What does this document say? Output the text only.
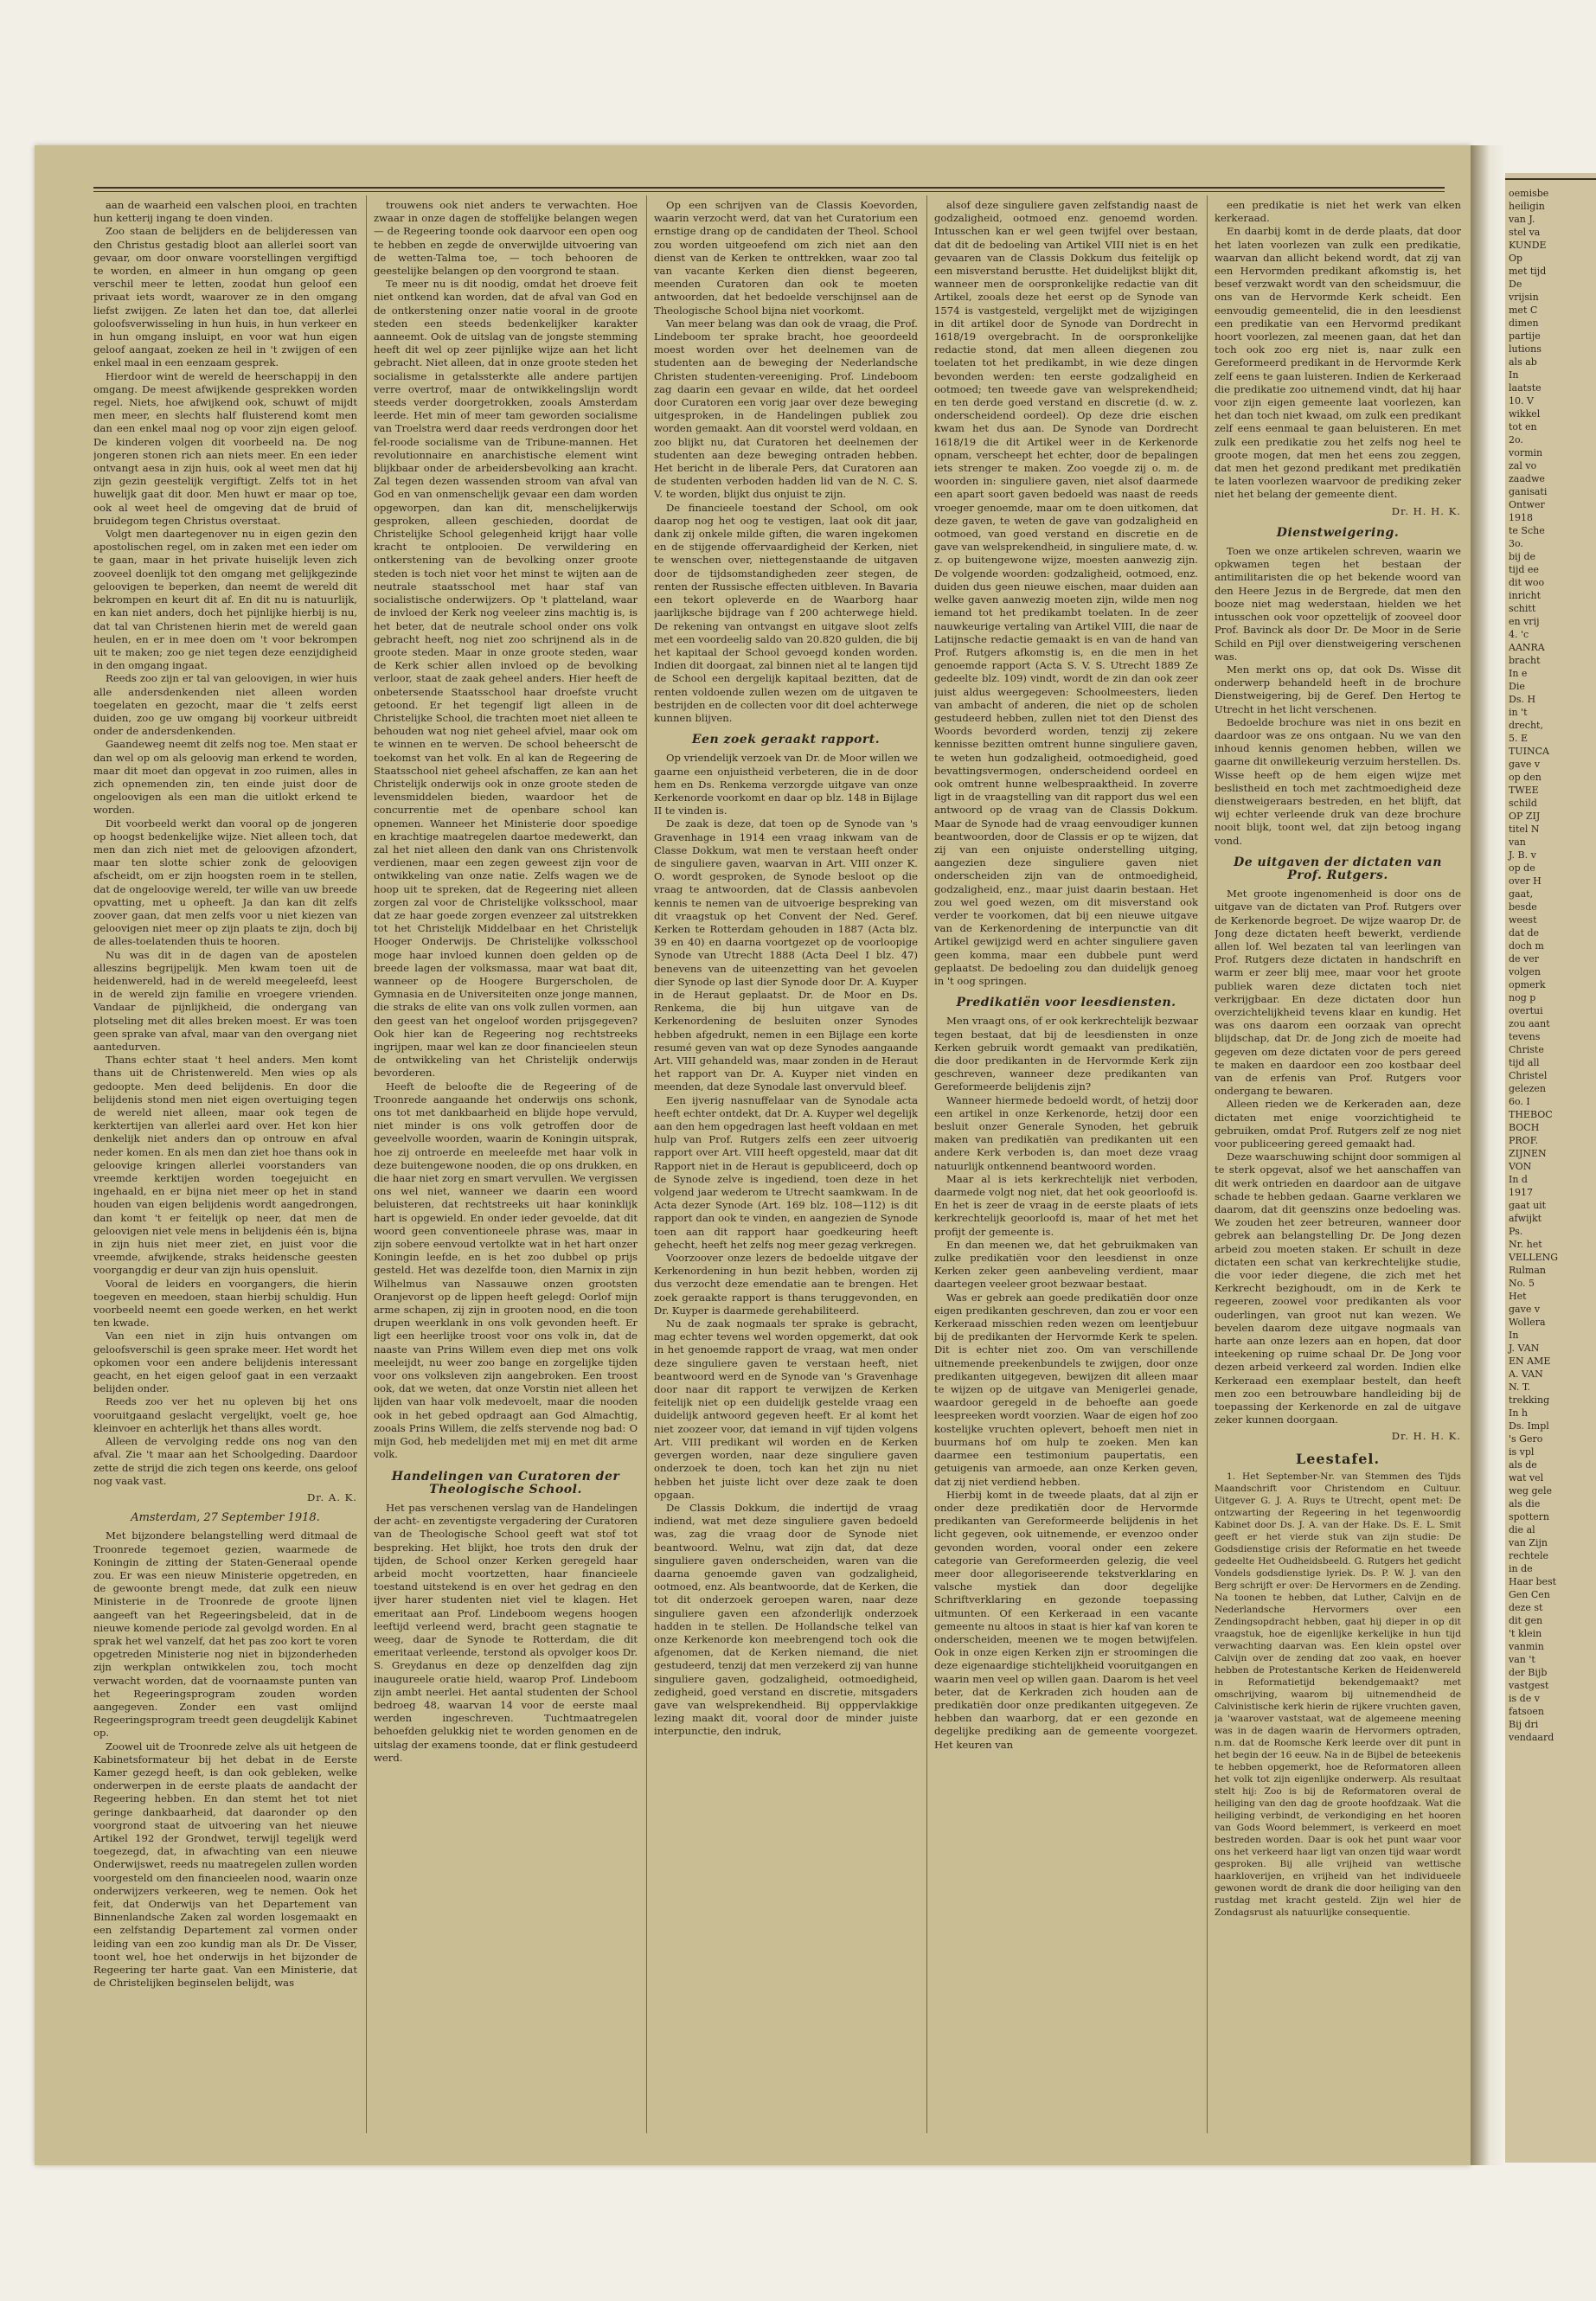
aan de waarheid een valschen plooi, en trachten hun ketterij ingang te doen vinden.

Zoo staan de belijders en de belijderessen van den Christus gestadig bloot aan allerlei soort van gevaar, om door onware voorstellingen vergiftigd te worden, en almeer in hun omgang op geen verschil meer te letten, zoodat hun geloof een privaat iets wordt, waarover ze in den omgang liefst zwijgen. Ze laten het dan toe, dat allerlei goloofsverwisseling in hun huis, in hun verkeer en in hun omgang insluipt, en voor wat hun eigen geloof aangaat, zoeken ze heil in 't zwijgen of een enkel maal in een eenzaam gesprek.

Hierdoor wint de wereld de heerschappij in den omgang. De meest afwijkende gesprekken worden regel. Niets, hoe afwijkend ook, schuwt of mijdt men meer, en slechts half fluisterend komt men dan een enkel maal nog op voor zijn eigen geloof. De kinderen volgen dit voorbeeld na. De nog jongeren stonen rich aan niets meer. En een ieder ontvangt aesa in zijn huis, ook al weet men dat hij zijn gezin geestelijk vergiftigt. Zelfs tot in het huwelijk gaat dit door. Men huwt er maar op toe, ook al weet heel de omgeving dat de bruid of bruidegom tegen Christus overstaat.

Volgt men daartegenover nu in eigen gezin den apostolischen regel, om in zaken met een ieder om te gaan, maar in het private huiselijk leven zich zooveel doenlijk tot den omgang met gelijkgezinde geloovigen te beperken, dan neemt de wereld dit bekrompen en keurt dit af. En dit nu is natuurlijk, en kan niet anders, doch het pijnlijke hierbij is nu, dat tal van Christenen hierin met de wereld gaan heulen, en er in mee doen om 't voor bekrompen uit te maken; zoo ge niet tegen deze eenzijdigheid in den omgang ingaat.

Reeds zoo zijn er tal van geloovigen, in wier huis alle andersdenkenden niet alleen worden toegelaten en gezocht, maar die 't zelfs eerst duiden, zoo ge uw omgang bij voorkeur uitbreidt onder de andersdenkenden.

Gaandeweg neemt dit zelfs nog toe. Men staat er dan wel op om als geloovig man erkend te worden, maar dit moet dan opgevat in zoo ruimen, alles in zich opnemenden zin, ten einde juist door de ongeloovigen als een man die uitlokt erkend te worden.

Dit voorbeeld werkt dan vooral op de jongeren op hoogst bedenkelijke wijze. Niet alleen toch, dat men dan zich niet met de geloovigen afzondert, maar ten slotte schier zonk de geloovigen afscheidt, om er zijn hoogsten roem in te stellen, dat de ongeloovige wereld, ter wille van uw breede opvatting, met u opheeft. Ja dan kan dit zelfs zoover gaan, dat men zelfs voor u niet kiezen van geloovigen niet meer op zijn plaats te zijn, doch bij de alles-toelatenden thuis te hooren.

Nu was dit in de dagen van de apostelen alleszins begrijpelijk. Men kwam toen uit de heidenwereld, had in de wereld meegeleefd, leest in de wereld zijn familie en vroegere vrienden. Vandaar de pijnlijkheid, die ondergang van plotseling met dit alles breken moest. Er was toen geen sprake van afval, maar van den overgang niet aantedurven.

Thans echter staat 't heel anders. Men komt thans uit de Christenwereld. Men wies op als gedoopte. Men deed belijdenis. En door die belijdenis stond men niet eigen overtuiging tegen de wereld niet alleen, maar ook tegen de kerktertijen van allerlei aard over. Het kon hier denkelijk niet anders dan op ontrouw en afval neder komen. En als men dan ziet hoe thans ook in geloovige kringen allerlei voorstanders van vreemde kerktijen worden toegejuicht en ingehaald, en er bijna niet meer op het in stand houden van eigen belijdenis wordt aangedrongen, dan komt 't er feitelijk op neer, dat men de geloovigen niet vele mens in belijdenis één is, bijna in zijn huis niet meer ziet, en juist voor die vreemde, afwijkende, straks heidensche geesten voorgangdig er deur van zijn huis opensluit.

Vooral de leiders en voorgangers, die hierin toegeven en meedoen, staan hierbij schuldig. Hun voorbeeld neemt een goede werken, en het werkt ten kwade.

Van een niet in zijn huis ontvangen om geloofsverschil is geen sprake meer. Het wordt het opkomen voor een andere belijdenis interessant geacht, en het eigen geloof gaat in een verzaakt belijden onder.

Reeds zoo ver het nu opleven bij het ons vooruitgaand geslacht vergelijkt, voelt ge, hoe kleinvoer en achterlijk het thans alles wordt.

Alleen de vervolging redde ons nog van den afval. Zie 't maar aan het Schoolgeding. Daardoor zette de strijd die zich tegen ons keerde, ons geloof nog vaak vast.

Dr. A. K.

Amsterdam, 27 September 1918.

Met bijzondere belangstelling werd ditmaal de Troonrede tegemoet gezien, waarmede de Koningin de zitting der Staten-Generaal opende zou. Er was een nieuw Ministerie opgetreden, en de gewoonte brengt mede, dat zulk een nieuw Ministerie in de Troonrede de groote lijnen aangeeft van het Regeeringsbeleid, dat in de nieuwe komende periode zal gevolgd worden. En al sprak het wel vanzelf, dat het pas zoo kort te voren opgetreden Ministerie nog niet in bijzonderheden zijn werkplan ontwikkelen zou, toch mocht verwacht worden, dat de voornaamste punten van het Regeeringsprogram zouden worden aangegeven. Zonder een vast omlijnd Regeeringsprogram treedt geen deugdelijk Kabinet op.

Zoowel uit de Troonrede zelve als uit hetgeen de Kabinetsformateur bij het debat in de Eerste Kamer gezegd heeft, is dan ook gebleken, welke onderwerpen in de eerste plaats de aandacht der Regeering hebben. En dan stemt het tot niet geringe dankbaarheid, dat daaronder op den voorgrond staat de uitvoering van het nieuwe Artikel 192 der Grondwet, terwijl tegelijk werd toegezegd, dat, in afwachting van een nieuwe Onderwijswet, reeds nu maatregelen zullen worden voorgesteld om den financieelen nood, waarin onze onderwijzers verkeeren, weg te nemen. Ook het feit, dat Onderwijs van het Departement van Binnenlandsche Zaken zal worden losgemaakt en een zelfstandig Departement zal vormen onder leiding van een zoo kundig man als Dr. De Visser, toont wel, hoe het onderwijs in het bijzonder de Regeering ter harte gaat. Van een Ministerie, dat de Christelijken beginselen belijdt, was

trouwens ook niet anders te verwachten. Hoe zwaar in onze dagen de stoffelijke belangen wegen — de Regeering toonde ook daarvoor een open oog te hebben en zegde de onverwijlde uitvoering van de wetten-Talma toe, — toch behooren de geestelijke belangen op den voorgrond te staan.

Te meer nu is dit noodig, omdat het droeve feit niet ontkend kan worden, dat de afval van God en de ontkerstening onzer natie vooral in de groote steden een steeds bedenkelijker karakter aanneemt. Ook de uitslag van de jongste stemming heeft dit wel op zeer pijnlijke wijze aan het licht gebracht. Niet alleen, dat in onze groote steden het socialisme in getalssterkte alle andere partijen verre overtrof, maar de ontwikkelingslijn wordt steeds verder doorgetrokken, zooals Amsterdam leerde. Het min of meer tam geworden socialisme van Troelstra werd daar reeds verdrongen door het fel-roode socialisme van de Tribune-mannen. Het revolutionnaire en anarchistische element wint blijkbaar onder de arbeidersbevolking aan kracht. Zal tegen dezen wassenden stroom van afval van God en van onmenschelijk gevaar een dam worden opgeworpen, dan kan dit, menschelijkerwijs gesproken, alleen geschieden, doordat de Christelijke School gelegenheid krijgt haar volle kracht te ontplooien. De verwildering en ontkerstening van de bevolking onzer groote steden is toch niet voor het minst te wijten aan de neutrale staatsschool met haar staf van socialistische onderwijzers. Op 't platteland, waar de invloed der Kerk nog veeleer zins machtig is, is het beter, dat de neutrale school onder ons volk gebracht heeft, nog niet zoo schrijnend als in de groote steden. Maar in onze groote steden, waar de Kerk schier allen invloed op de bevolking verloor, staat de zaak geheel anders. Hier heeft de onbetersende Staatsschool haar droefste vrucht getoond. Er het tegengif ligt alleen in de Christelijke School, die trachten moet niet alleen te behouden wat nog niet geheel afviel, maar ook om te winnen en te werven. De school beheerscht de toekomst van het volk. En al kan de Regeering de Staatsschool niet geheel afschaffen, ze kan aan het Christelijk onderwijs ook in onze groote steden de levensmiddelen bieden, waardoor het de concurrentie met de openbare school kan opnemen. Wanneer het Ministerie door spoedige en krachtige maatregelen daartoe medewerkt, dan zal het niet alleen den dank van ons Christenvolk verdienen, maar een zegen geweest zijn voor de ontwikkeling van onze natie. Zelfs wagen we de hoop uit te spreken, dat de Regeering niet alleen zorgen zal voor de Christelijke volksschool, maar dat ze haar goede zorgen evenzeer zal uitstrekken tot het Christelijk Middelbaar en het Christelijk Hooger Onderwijs. De Christelijke volksschool moge haar invloed kunnen doen gelden op de breede lagen der volksmassa, maar wat baat dit, wanneer op de Hoogere Burgerscholen, de Gymnasia en de Universiteiten onze jonge mannen, die straks de elite van ons volk zullen vormen, aan den geest van het ongeloof worden prijsgegeven? Ook hier kan de Regeering nog rechtstreeks ingrijpen, maar wel kan ze door financieelen steun de ontwikkeling van het Christelijk onderwijs bevorderen.

Heeft de beloofte die de Regeering of de Troonrede aangaande het onderwijs ons schonk, ons tot met dankbaarheid en blijde hope vervuld, niet minder is ons volk getroffen door de geveelvolle woorden, waarin de Koningin uitsprak, hoe zij ontroerde en meeleefde met haar volk in deze buitengewone nooden, die op ons drukken, en die haar niet zorg en smart vervullen. We vergissen ons wel niet, wanneer we daarin een woord beluisteren, dat rechtstreeks uit haar koninklijk hart is opgewield. En onder ieder gevoelde, dat dit woord geen conventioneele phrase was, maar in zijn sobere eenvoud vertolkte wat in het hart onzer Koningin leefde, en is het zoo dubbel op prijs gesteld. Het was dezelfde toon, dien Marnix in zijn Wilhelmus van Nassauwe onzen grootsten Oranjevorst op de lippen heeft gelegd: Oorlof mijn arme schapen, zij zijn in grooten nood, en die toon drupen weerklank in ons volk gevonden heeft. Er ligt een heerlijke troost voor ons volk in, dat de naaste van Prins Willem even diep met ons volk meeleijdt, nu weer zoo bange en zorgelijke tijden voor ons volksleven zijn aangebroken. Een troost ook, dat we weten, dat onze Vorstin niet alleen het lijden van haar volk medevoelt, maar die nooden ook in het gebed opdraagt aan God Almachtig, zooals Prins Willem, die zelfs stervende nog bad: O mijn God, heb medelijden met mij en met dit arme volk.

Handelingen van Curatoren der Theologische School.

Het pas verschenen verslag van de Handelingen der acht- en zeventigste vergadering der Curatoren van de Theologische School geeft wat stof tot bespreking. Het blijkt, hoe trots den druk der tijden, de School onzer Kerken geregeld haar arbeid mocht voortzetten, haar financieele toestand uitstekend is en over het gedrag en den ijver harer studenten niet viel te klagen. Het emeritaat aan Prof. Lindeboom wegens hoogen leeftijd verleend werd, bracht geen stagnatie te weeg, daar de Synode te Rotterdam, die dit emeritaat verleende, terstond als opvolger koos Dr. S. Greydanus en deze op denzelfden dag zijn inaugureele oratie hield, waarop Prof. Lindeboom zijn ambt neerlei. Het aantal studenten der School bedroeg 48, waarvan 14 voor de eerste maal werden ingeschreven. Tuchtmaatregelen behoefden gelukkig niet te worden genomen en de uitslag der examens toonde, dat er flink gestudeerd werd.

Op een schrijven van de Classis Koevorden, waarin verzocht werd, dat van het Curatorium een ernstige drang op de candidaten der Theol. School zou worden uitgeoefend om zich niet aan den dienst van de Kerken te onttrekken, waar zoo tal van vacante Kerken dien dienst begeeren, meenden Curatoren dan ook te moeten antwoorden, dat het bedoelde verschijnsel aan de Theologische School bijna niet voorkomt.

Van meer belang was dan ook de vraag, die Prof. Lindeboom ter sprake bracht, hoe geoordeeld moest worden over het deelnemen van de studenten aan de beweging der Nederlandsche Christen studenten-vereeniging. Prof. Lindeboom zag daarin een gevaar en wilde, dat het oordeel door Curatoren een vorig jaar over deze beweging uitgesproken, in de Handelingen publiek zou worden gemaakt. Aan dit voorstel werd voldaan, en zoo blijkt nu, dat Curatoren het deelnemen der studenten aan deze beweging ontraden hebben. Het bericht in de liberale Pers, dat Curatoren aan de studenten verboden hadden lid van de N. C. S. V. te worden, blijkt dus onjuist te zijn.

De financieele toestand der School, om ook daarop nog het oog te vestigen, laat ook dit jaar, dank zij onkele milde giften, die waren ingekomen en de stijgende offervaardigheid der Kerken, niet te wenschen over, niettegenstaande de uitgaven door de tijdsomstandigheden zeer stegen, de renten der Russische effecten uitbleven. In Bavaria een tekort opleverde en de Waarborg haar jaarlijksche bijdrage van f 200 achterwege hield. De rekening van ontvangst en uitgave sloot zelfs met een voordeelig saldo van 20.820 gulden, die bij het kapitaal der School gevoegd konden worden. Indien dit doorgaat, zal binnen niet al te langen tijd de School een dergelijk kapitaal bezitten, dat de renten voldoende zullen wezen om de uitgaven te bestrijden en de collecten voor dit doel achterwege kunnen blijven.

Een zoek geraakt rapport.

Op vriendelijk verzoek van Dr. de Moor willen we gaarne een onjuistheid verbeteren, die in de door hem en Ds. Renkema verzorgde uitgave van onze Kerkenorde voorkomt en daar op blz. 148 in Bijlage II te vinden is.

De zaak is deze, dat toen op de Synode van 's Gravenhage in 1914 een vraag inkwam van de Classe Dokkum, wat men te verstaan heeft onder de singuliere gaven, waarvan in Art. VIII onzer K. O. wordt gesproken, de Synode besloot op die vraag te antwoorden, dat de Classis aanbevolen kennis te nemen van de uitvoerige bespreking van dit vraagstuk op het Convent der Ned. Geref. Kerken te Rotterdam gehouden in 1887 (Acta blz. 39 en 40) en daarna voortgezet op de voorloopige Synode van Utrecht 1888 (Acta Deel I blz. 47) benevens van de uiteenzetting van het gevoelen dier Synode op last dier Synode door Dr. A. Kuyper in de Heraut geplaatst. Dr. de Moor en Ds. Renkema, die bij hun uitgave van de Kerkenordening de besluiten onzer Synodes hebben afgedrukt, nemen in een Bijlage een korte resumé geven van wat op deze Synodes aangaande Art. VIII gehandeld was, maar zonden in de Heraut het rapport van Dr. A. Kuyper niet vinden en meenden, dat deze Synodale last onvervuld bleef.

Een ijverig nasnuffelaar van de Synodale acta heeft echter ontdekt, dat Dr. A. Kuyper wel degelijk aan den hem opgedragen last heeft voldaan en met hulp van Prof. Rutgers zelfs een zeer uitvoerig rapport over Art. VIII heeft opgesteld, maar dat dit Rapport niet in de Heraut is gepubliceerd, doch op de Synode zelve is ingediend, toen deze in het volgend jaar wederom te Utrecht saamkwam. In de Acta dezer Synode (Art. 169 blz. 108—112) is dit rapport dan ook te vinden, en aangezien de Synode toen aan dit rapport haar goedkeuring heeft gehecht, heeft het zelfs nog meer gezag verkregen.

Voorzoover onze lezers de bedoelde uitgave der Kerkenordening in hun bezit hebben, worden zij dus verzocht deze emendatie aan te brengen. Het zoek geraakte rapport is thans teruggevonden, en Dr. Kuyper is daarmede gerehabiliteerd.

Nu de zaak nogmaals ter sprake is gebracht, mag echter tevens wel worden opgemerkt, dat ook in het genoemde rapport de vraag, wat men onder deze singuliere gaven te verstaan heeft, niet beantwoord werd en de Synode van 's Gravenhage door naar dit rapport te verwijzen de Kerken feitelijk niet op een duidelijk gestelde vraag een duidelijk antwoord gegeven heeft. Er al komt het niet zoozeer voor, dat iemand in vijf tijden volgens Art. VIII predikant wil worden en de Kerken gevergen worden, naar deze singuliere gaven onderzoek te doen, toch kan het zijn nu niet hebben het juiste licht over deze zaak te doen opgaan.

De Classis Dokkum, die indertijd de vraag indiend, wat met deze singuliere gaven bedoeld was, zag die vraag door de Synode niet beantwoord. Welnu, wat zijn dat, dat deze singuliere gaven onderscheiden, waren van die daarna genoemde gaven van godzaligheid, ootmoed, enz. Als beantwoorde, dat de Kerken, die tot dit onderzoek geroepen waren, naar deze singuliere gaven een afzonderlijk onderzoek hadden in te stellen. De Hollandsche telkel van onze Kerkenorde kon meebrengend toch ook die afgenomen, dat de Kerken niemand, die niet gestudeerd, tenzij dat men verzekerd zij van hunne singuliere gaven, godzaligheid, ootmoedigheid, zedigheid, goed verstand en discretie, mitsgaders gave van welsprekendheid. Bij opppervlakkige lezing maakt dit, vooral door de minder juiste interpunctie, den indruk,

alsof deze singuliere gaven zelfstandig naast de godzaligheid, ootmoed enz. genoemd worden. Intusschen kan er wel geen twijfel over bestaan, dat dit de bedoeling van Artikel VIII niet is en het gevaaren van de Classis Dokkum dus feitelijk op een misverstand berustte. Het duidelijkst blijkt dit, wanneer men de oorspronkelijke redactie van dit Artikel, zooals deze het eerst op de Synode van 1574 is vastgesteld, vergelijkt met de wijzigingen in dit artikel door de Synode van Dordrecht in 1618/19 overgebracht. In de oorspronkelijke redactie stond, dat men alleen diegenen zou toelaten tot het predikambt, in wie deze dingen bevonden werden: ten eerste godzaligheid en ootmoed; ten tweede gave van welsprekendheid; en ten derde goed verstand en discretie (d. w. z. onderscheidend oordeel). Op deze drie eischen kwam het dus aan. De Synode van Dordrecht 1618/19 die dit Artikel weer in de Kerkenorde opnam, verscheept het echter, door de bepalingen iets strenger te maken. Zoo voegde zij o. m. de woorden in: singuliere gaven, niet alsof daarmede een apart soort gaven bedoeld was naast de reeds vroeger genoemde, maar om te doen uitkomen, dat deze gaven, te weten de gave van godzaligheid en ootmoed, van goed verstand en discretie en de gave van welsprekendheid, in singuliere mate, d. w. z. op buitengewone wijze, moesten aanwezig zijn. De volgende woorden: godzaligheid, ootmoed, enz. duiden dus geen nieuwe eischen, maar duiden aan welke gaven aanwezig moeten zijn, wilde men nog iemand tot het predikambt toelaten. In de zeer nauwkeurige vertaling van Artikel VIII, die naar de Latijnsche redactie gemaakt is en van de hand van Prof. Rutgers afkomstig is, en die men in het genoemde rapport (Acta S. V. S. Utrecht 1889 Ze gedeelte blz. 109) vindt, wordt de zin dan ook zeer juist aldus weergegeven: Schoolmeesters, lieden van ambacht of anderen, die niet op de scholen gestudeerd hebben, zullen niet tot den Dienst des Woords bevorderd worden, tenzij zij zekere kennisse bezitten omtrent hunne singuliere gaven, te weten hun godzaligheid, ootmoedigheid, goed bevattingsvermogen, onderscheidend oordeel en ook omtrent hunne welbespraaktheid. In zoverre ligt in de vraagstelling van dit rapport dus wel een antwoord op de vraag van de Classis Dokkum. Maar de Synode had de vraag eenvoudiger kunnen beantwoorden, door de Classis er op te wijzen, dat zij van een onjuiste onderstelling uitging, aangezien deze singuliere gaven niet onderscheiden zijn van de ontmoedigheid, godzaligheid, enz., maar juist daarin bestaan. Het zou wel goed wezen, om dit misverstand ook verder te voorkomen, dat bij een nieuwe uitgave van de Kerkenordening de interpunctie van dit Artikel gewijzigd werd en achter singuliere gaven geen komma, maar een dubbele punt werd geplaatst. De bedoeling zou dan duidelijk genoeg in 't oog springen.

Predikatiën voor leesdiensten.

Men vraagt ons, of er ook kerkrechtelijk bezwaar tegen bestaat, dat bij de leesdiensten in onze Kerken gebruik wordt gemaakt van predikatiën, die door predikanten in de Hervormde Kerk zijn geschreven, wanneer deze predikanten van Gereformeerde belijdenis zijn?

Wanneer hiermede bedoeld wordt, of hetzij door een artikel in onze Kerkenorde, hetzij door een besluit onzer Generale Synoden, het gebruik maken van predikatiën van predikanten uit een andere Kerk verboden is, dan moet deze vraag natuurlijk ontkennend beantwoord worden.

Maar al is iets kerkrechtelijk niet verboden, daarmede volgt nog niet, dat het ook geoorloofd is. En het is zeer de vraag in de eerste plaats of iets kerkrechtelijk geoorloofd is, maar of het met het profijt der gemeente is.

En dan meenen we, dat het gebruikmaken van zulke predikatiën voor den leesdienst in onze Kerken zeker geen aanbeveling verdient, maar daartegen veeleer groot bezwaar bestaat.

Was er gebrek aan goede predikatiën door onze eigen predikanten geschreven, dan zou er voor een Kerkeraad misschien reden wezen om leentjebuur bij de predikanten der Hervormde Kerk te spelen. Dit is echter niet zoo. Om van verschillende uitnemende preekenbundels te zwijgen, door onze predikanten uitgegeven, bewijzen dit alleen maar te wijzen op de uitgave van Menigerlei genade, waardoor geregeld in de behoefte aan goede leespreeken wordt voorzien. Waar de eigen hof zoo kostelijke vruchten oplevert, behoeft men niet in buurmans hof om hulp te zoeken. Men kan daarmee een testimonium paupertatis, een getuigenis van armoede, aan onze Kerken geven, dat zij niet verdiend hebben.

Hierbij komt in de tweede plaats, dat al zijn er onder deze predikatiën door de Hervormde predikanten van Gereformeerde belijdenis in het licht gegeven, ook uitnemende, er evenzoo onder gevonden worden, vooral onder een zekere categorie van Gereformeerden gelezig, die veel meer door allegoriseerende tekstverklaring en valsche mystiek dan door degelijke Schriftverklaring en gezonde toepassing uitmunten. Of een Kerkeraad in een vacante gemeente nu altoos in staat is hier kaf van koren te onderscheiden, meenen we te mogen betwijfelen. Ook in onze eigen Kerken zijn er stroomingen die deze eigenaardige stichtelijkheid vooruitgangen en waarin men veel op willen gaan. Daarom is het veel beter, dat de Kerkraden zich houden aan de predikatiën door onze predikanten uitgegeven. Ze hebben dan waarborg, dat er een gezonde en degelijke prediking aan de gemeente voorgezet. Het keuren van

een predikatie is niet het werk van elken kerkeraad.

En daarbij komt in de derde plaats, dat door het laten voorlezen van zulk een predikatie, waarvan dan allicht bekend wordt, dat zij van een Hervormden predikant afkomstig is, het besef verzwakt wordt van den scheidsmuur, die ons van de Hervormde Kerk scheidt. Een eenvoudig gemeentelid, die in den leesdienst een predikatie van een Hervormd predikant hoort voorlezen, zal meenen gaan, dat het dan toch ook zoo erg niet is, naar zulk een Gereformeerd predikant in de Hervormde Kerk zelf eens te gaan luisteren. Indien de Kerkeraad die predikatie zoo uitnemend vindt, dat hij haar voor zijn eigen gemeente laat voorlezen, kan het dan toch niet kwaad, om zulk een predikant zelf eens eenmaal te gaan beluisteren. En met zulk een predikatie zou het zelfs nog heel te groote mogen, dat men het eens zou zeggen, dat men het gezond predikant met predikatiën te laten voorlezen waarvoor de prediking zeker niet het belang der gemeente dient.

Dr. H. H. K.

Dienstweigering.

Toen we onze artikelen schreven, waarin we opkwamen tegen het bestaan der antimilitaristen die op het bekende woord van den Heere Jezus in de Bergrede, dat men den booze niet mag wederstaan, hielden we het intusschen ook voor opzettelijk of zooveel door Prof. Bavinck als door Dr. De Moor in de Serie Schild en Pijl over dienstweigering verschenen was.

Men merkt ons op, dat ook Ds. Wisse dit onderwerp behandeld heeft in de brochure Dienstweigering, bij de Geref. Den Hertog te Utrecht in het licht verschenen.

Bedoelde brochure was niet in ons bezit en daardoor was ze ons ontgaan. Nu we van den inhoud kennis genomen hebben, willen we gaarne dit onwillekeurig verzuim herstellen. Ds. Wisse heeft op de hem eigen wijze met beslistheid en toch met zachtmoedigheid deze dienstweigeraars bestreden, en het blijft, dat wij echter verleende druk van deze brochure nooit blijk, toont wel, dat zijn betoog ingang vond.

De uitgaven der dictaten van Prof. Rutgers.

Met groote ingenomenheid is door ons de uitgave van de dictaten van Prof. Rutgers over de Kerkenorde begroet. De wijze waarop Dr. de Jong deze dictaten heeft bewerkt, verdiende allen lof. Wel bezaten tal van leerlingen van Prof. Rutgers deze dictaten in handschrift en warm er zeer blij mee, maar voor het groote publiek waren deze dictaten toch niet verkrijgbaar. En deze dictaten door hun overzichtelijkheid tevens klaar en kundig. Het was ons daarom een oorzaak van oprecht blijdschap, dat Dr. de Jong zich de moeite had gegeven om deze dictaten voor de pers gereed te maken en daardoor een zoo kostbaar deel van de erfenis van Prof. Rutgers voor ondergang te bewaren.

Alleen rieden we de Kerkeraden aan, deze dictaten met enige voorzichtigheid te gebruiken, omdat Prof. Rutgers zelf ze nog niet voor publiceering gereed gemaakt had.

Deze waarschuwing schijnt door sommigen al te sterk opgevat, alsof we het aanschaffen van dit werk ontrieden en daardoor aan de uitgave schade te hebben gedaan. Gaarne verklaren we daarom, dat dit geenszins onze bedoeling was. We zouden het zeer betreuren, wanneer door gebrek aan belangstelling Dr. De Jong dezen arbeid zou moeten staken. Er schuilt in deze dictaten een schat van kerkrechtelijke studie, die voor ieder diegene, die zich met het Kerkrecht bezighoudt, om in de Kerk te regeeren, zoowel voor predikanten als voor ouderlingen, van groot nut kan wezen. We bevelen daarom deze uitgave nogmaals van harte aan onze lezers aan en hopen, dat door inteekening op ruime schaal Dr. De Jong voor dezen arbeid verkeerd zal worden. Indien elke Kerkeraad een exemplaar bestelt, dan heeft men zoo een betrouwbare handleiding bij de toepassing der Kerkenorde en zal de uitgave zeker kunnen doorgaan.

Dr. H. H. K.

Leestafel.

1. Het September-Nr. van Stemmen des Tijds Maandschrift voor Christendom en Cultuur. Uitgever G. J. A. Ruys te Utrecht, opent met: De ontzwarting der Regeering in het tegenwoordig Kabinet door Ds. J. A. van der Hake. Ds. E. L. Smit geeft er het vierde stuk van zijn studie: De Godsdienstige crisis der Reformatie en het tweede gedeelte Het Oudheidsbeeld. G. Rutgers het gedicht Vondels godsdienstige lyriek. Ds. P. W. J. van den Berg schrijft er over: De Hervormers en de Zending. Na toonen te hebben, dat Luther, Calvijn en de Nederlandsche Hervormers over een Zendingsopdracht hebben, gaat hij dieper in op dit vraagstuk, hoe de eigenlijke kerkelijke in hun tijd verwachting daarvan was. Een klein opstel over Calvijn over de zending dat zoo vaak, en hoever hebben de Protestantsche Kerken de Heidenwereld in Reformatietijd bekendgemaakt? met omschrijving, waarom bij uitnemendheid de Calvinistische kerk hierin de rijkere vruchten gaven, ja 'waarover vaststaat, wat de algemeene meening was in de dagen waarin de Hervormers optraden, n.m. dat de Roomsche Kerk leerde over dit punt in het begin der 16 eeuw. Na in de Bijbel de beteekenis te hebben opgemerkt, hoe de Reformatoren alleen het volk tot zijn eigenlijke onderwerp. Als resultaat stelt hij: Zoo is bij de Reformatoren overal de heiliging van den dag de groote hoofdzaak. Wat die heiliging verbindt, de verkondiging en het hooren van Gods Woord belemmert, is verkeerd en moet bestreden worden. Daar is ook het punt waar voor ons het verkeerd haar ligt van onzen tijd waar wordt gesproken. Bij alle vrijheid van wettische haarkloverijen, en vrijheid van het individueele gewonen wordt de drank die door heiliging van den rustdag met kracht gesteld. Zijn wel hier de Zondagsrust als natuurlijke consequentie.

oemisbe
heiligin
van J.
stel va
KUNDE
Op
met tijd
De
vrijsin
met C
dimen
partije
lutions
als ab
In
laatste
10. V
wikkel
tot en
2o.
vormin
zal vo
zaadwe
ganisati
Ontwer
1918
te Sche
3o.
bij de
tijd ee
dit woo
inricht
schitt
en vrij
4. 'c
AANRA
bracht
In e
Die
Ds. H
in 't
drecht,
5. E
TUINCA
gave v
op den
TWEE
schild
OP ZIJ
titel N
van
J. B. v
op de
over H
gaat,
besde
weest
dat de
doch m
de ver
volgen
opmerk
nog p
overtui
zou aant
tevens
Christe
tijd all
Christel
gelezen
6o. I
THEBOC
BOCH
PROF.
ZIJNEN
VON
In d
1917
gaat uit
afwijkt
Ps.
Nr. het
VELLENG
Rulman
No. 5
Het
gave v
Wollera
In
J. VAN
EN AME
A. VAN
N. T.
trekking
In h
Ds. Impl
's Gero
is vpl
als de
wat vel
weg gele
als die
spottern
die al
van Zijn
rechtele
in de
Haar best
Gen Cen
deze st
dit gen
't klein
vanmin
van 't
der Bijb
vastgest
is de v
fatsoen
Bij dri
vendaard
